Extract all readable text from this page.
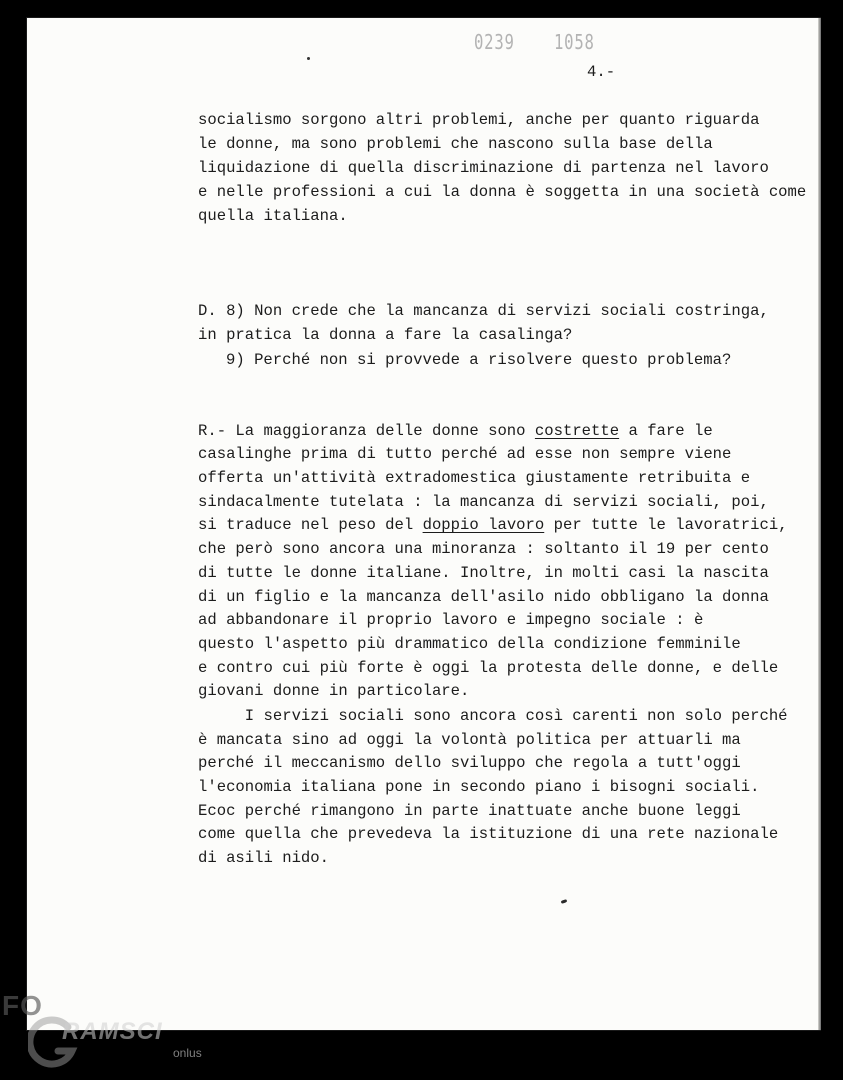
0239 1058

4.-

socialismo sorgono altri problemi, anche per quanto riguarda

le donne, ma sono problemi che nascono sulla base della

liquidazione di quella discriminazione di partenza nel lavoro

e nelle professioni a cui la donna è soggetta in una società come

quella italiana.

D. 8) Non crede che la mancanza di servizi sociali costringa,

in pratica la donna a fare la casalinga?

9) Perché non si provvede a risolvere questo problema?

R.- La maggioranza delle donne sono costrette a fare le

casalinghe prima di tutto perché ad esse non sempre viene

offerta un'attività extradomestica giustamente retribuita e

sindacalmente tutelata : la mancanza di servizi sociali, poi,

si traduce nel peso del doppio lavoro per tutte le lavoratrici,

che però sono ancora una minoranza : soltanto il 19 per cento

di tutte le donne italiane. Inoltre, in molti casi la nascita

di un figlio e la mancanza dell'asilo nido obbligano la donna

ad abbandonare il proprio lavoro e impegno sociale : è

questo l'aspetto più drammatico della condizione femminile

e contro cui più forte è oggi la protesta delle donne, e delle

giovani donne in particolare.

I servizi sociali sono ancora così carenti non solo perché

è mancata sino ad oggi la volontà politica per attuarli ma

perché il meccanismo dello sviluppo che regola a tutt'oggi

l'economia italiana pone in secondo piano i bisogni sociali.

Ecoc perché rimangono in parte inattuate anche buone leggi

come quella che prevedeva la istituzione di una rete nazionale

di asili nido.

FO
RAMSCI
onlus
